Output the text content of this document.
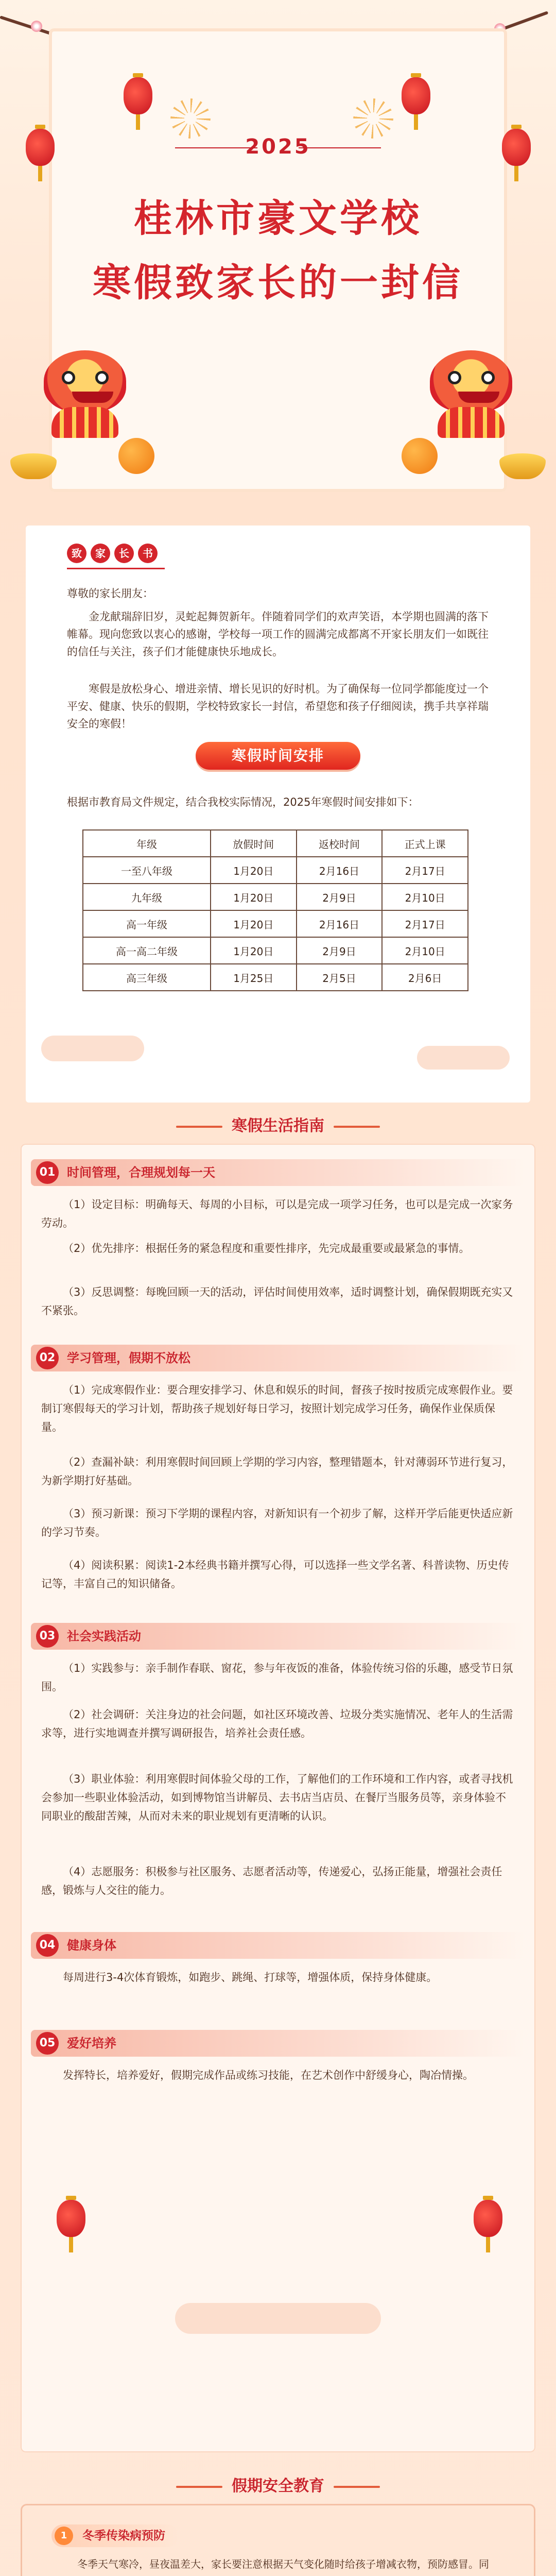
2025
桂林市豪文学校
寒假致家长的一封信
致 家 长 书
尊敬的家长朋友：
金龙献瑞辞旧岁，灵蛇起舞贺新年。伴随着同学们的欢声笑语，本学期也圆满的落下帷幕。现向您致以衷心的感谢，学校每一项工作的圆满完成都离不开家长朋友们一如既往的信任与关注，孩子们才能健康快乐地成长。
寒假是放松身心、增进亲情、增长见识的好时机。为了确保每一位同学都能度过一个平安、健康、快乐的假期，学校特致家长一封信，希望您和孩子仔细阅读，携手共享祥瑞安全的寒假！
寒假时间安排
根据市教育局文件规定，结合我校实际情况，2025年寒假时间安排如下：
年级	放假时间	返校时间	正式上课
一至八年级	1月20日	2月16日	2月17日
九年级	1月20日	2月9日	2月10日
高一年级	1月20日	2月16日	2月17日
高一高二年级	1月20日	2月9日	2月10日
高三年级	1月25日	2月5日	2月6日
寒假生活指南
01 时间管理，合理规划每一天
（1）设定目标：明确每天、每周的小目标，可以是完成一项学习任务，也可以是完成一次家务劳动。
（2）优先排序：根据任务的紧急程度和重要性排序，先完成最重要或最紧急的事情。
（3）反思调整：每晚回顾一天的活动，评估时间使用效率，适时调整计划，确保假期既充实又不紧张。
02 学习管理，假期不放松
（1）完成寒假作业：要合理安排学习、休息和娱乐的时间，督孩子按时按质完成寒假作业。要制订寒假每天的学习计划，帮助孩子规划好每日学习，按照计划完成学习任务，确保作业保质保量。
（2）查漏补缺：利用寒假时间回顾上学期的学习内容，整理错题本，针对薄弱环节进行复习，为新学期打好基础。
（3）预习新课：预习下学期的课程内容，对新知识有一个初步了解，这样开学后能更快适应新的学习节奏。
（4）阅读积累：阅读1-2本经典书籍并撰写心得，可以选择一些文学名著、科普读物、历史传记等，丰富自己的知识储备。
03 社会实践活动
（1）实践参与：亲手制作春联、窗花，参与年夜饭的准备，体验传统习俗的乐趣，感受节日氛围。
（2）社会调研：关注身边的社会问题，如社区环境改善、垃圾分类实施情况、老年人的生活需求等，进行实地调查并撰写调研报告，培养社会责任感。
（3）职业体验：利用寒假时间体验父母的工作，了解他们的工作环境和工作内容，或者寻找机会参加一些职业体验活动，如到博物馆当讲解员、去书店当店员、在餐厅当服务员等，亲身体验不同职业的酸甜苦辣，从而对未来的职业规划有更清晰的认识。
（4）志愿服务：积极参与社区服务、志愿者活动等，传递爱心，弘扬正能量，增强社会责任感，锻炼与人交往的能力。
04 健康身体
每周进行3-4次体育锻炼，如跑步、跳绳、打球等，增强体质，保持身体健康。
05 爱好培养
发挥特长，培养爱好，假期完成作品或练习技能，在艺术创作中舒缓身心，陶冶情操。
假期安全教育
1	冬季传染病预防
冬季天气寒冷，昼夜温差大，家长要注意根据天气变化随时给孩子增减衣物，预防感冒。同
